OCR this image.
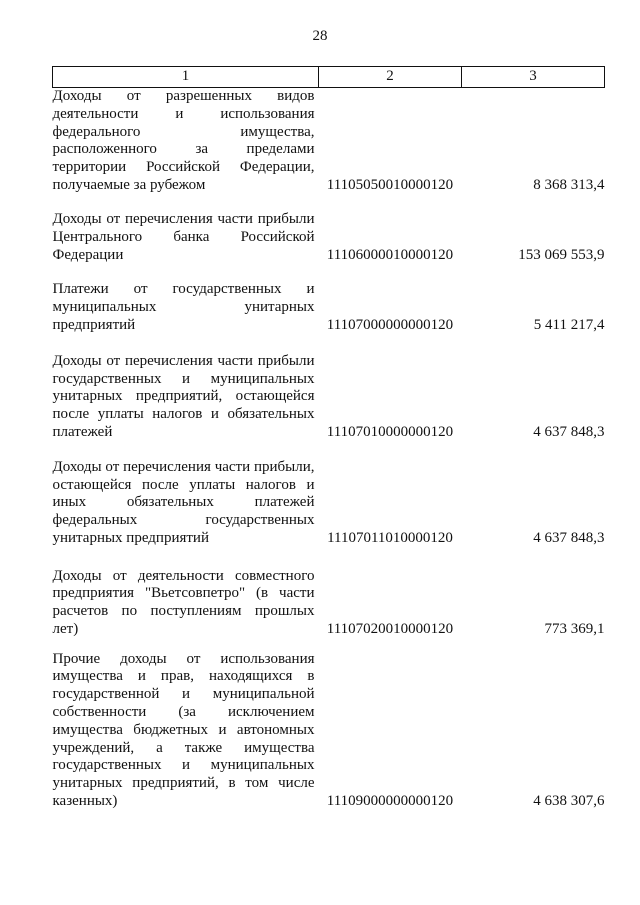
28
1	2	3
Доходы от разрешенных видов деятельности и использования федерального имущества, расположенного за пределами территории Российской Федерации, получаемые за рубежом	11105050010000120	8 368 313,4
Доходы от перечисления части прибыли Центрального банка Российской Федерации	11106000010000120	153 069 553,9
Платежи от государственных и муниципальных унитарных предприятий	11107000000000120	5 411 217,4
Доходы от перечисления части прибыли государственных и муниципальных унитарных предприятий, остающейся после уплаты налогов и обязательных платежей	11107010000000120	4 637 848,3
Доходы от перечисления части прибыли, остающейся после уплаты налогов и иных обязательных платежей федеральных государственных унитарных предприятий	11107011010000120	4 637 848,3
Доходы от деятельности совместного предприятия "Вьетсовпетро" (в части расчетов по поступлениям прошлых лет)	11107020010000120	773 369,1
Прочие доходы от использования имущества и прав, находящихся в государственной и муниципальной собственности (за исключением имущества бюджетных и автономных учреждений, а также имущества государственных и муниципальных унитарных предприятий, в том числе казенных)	11109000000000120	4 638 307,6
